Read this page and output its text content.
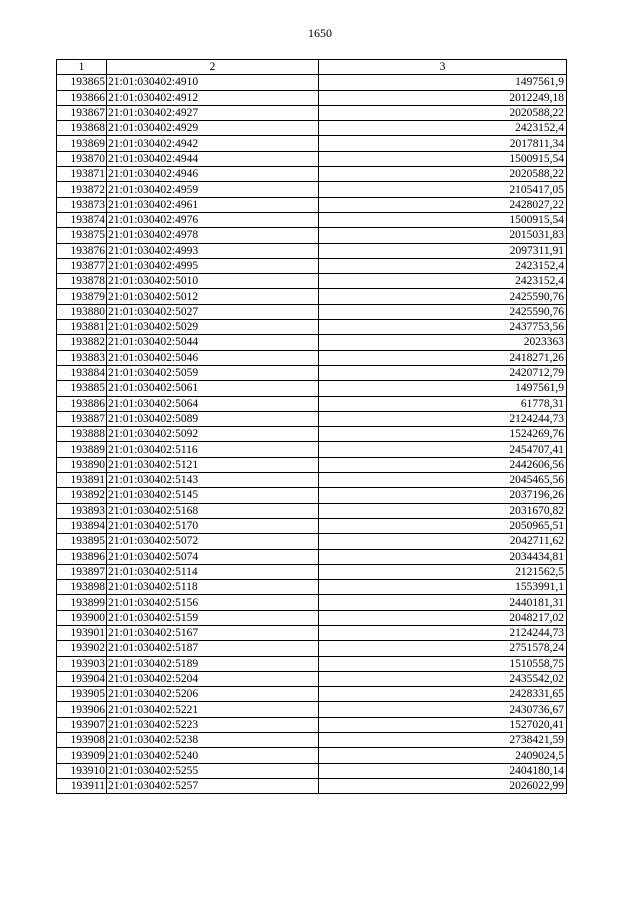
1650
1	2	3
193865	21:01:030402:4910	1497561,9
193866	21:01:030402:4912	2012249,18
193867	21:01:030402:4927	2020588,22
193868	21:01:030402:4929	2423152,4
193869	21:01:030402:4942	2017811,34
193870	21:01:030402:4944	1500915,54
193871	21:01:030402:4946	2020588,22
193872	21:01:030402:4959	2105417,05
193873	21:01:030402:4961	2428027,22
193874	21:01:030402:4976	1500915,54
193875	21:01:030402:4978	2015031,83
193876	21:01:030402:4993	2097311,91
193877	21:01:030402:4995	2423152,4
193878	21:01:030402:5010	2423152,4
193879	21:01:030402:5012	2425590,76
193880	21:01:030402:5027	2425590,76
193881	21:01:030402:5029	2437753,56
193882	21:01:030402:5044	2023363
193883	21:01:030402:5046	2418271,26
193884	21:01:030402:5059	2420712,79
193885	21:01:030402:5061	1497561,9
193886	21:01:030402:5064	61778,31
193887	21:01:030402:5089	2124244,73
193888	21:01:030402:5092	1524269,76
193889	21:01:030402:5116	2454707,41
193890	21:01:030402:5121	2442606,56
193891	21:01:030402:5143	2045465,56
193892	21:01:030402:5145	2037196,26
193893	21:01:030402:5168	2031670,82
193894	21:01:030402:5170	2050965,51
193895	21:01:030402:5072	2042711,62
193896	21:01:030402:5074	2034434,81
193897	21:01:030402:5114	2121562,5
193898	21:01:030402:5118	1553991,1
193899	21:01:030402:5156	2440181,31
193900	21:01:030402:5159	2048217,02
193901	21:01:030402:5167	2124244,73
193902	21:01:030402:5187	2751578,24
193903	21:01:030402:5189	1510558,75
193904	21:01:030402:5204	2435542,02
193905	21:01:030402:5206	2428331,65
193906	21:01:030402:5221	2430736,67
193907	21:01:030402:5223	1527020,41
193908	21:01:030402:5238	2738421,59
193909	21:01:030402:5240	2409024,5
193910	21:01:030402:5255	2404180,14
193911	21:01:030402:5257	2026022,99
